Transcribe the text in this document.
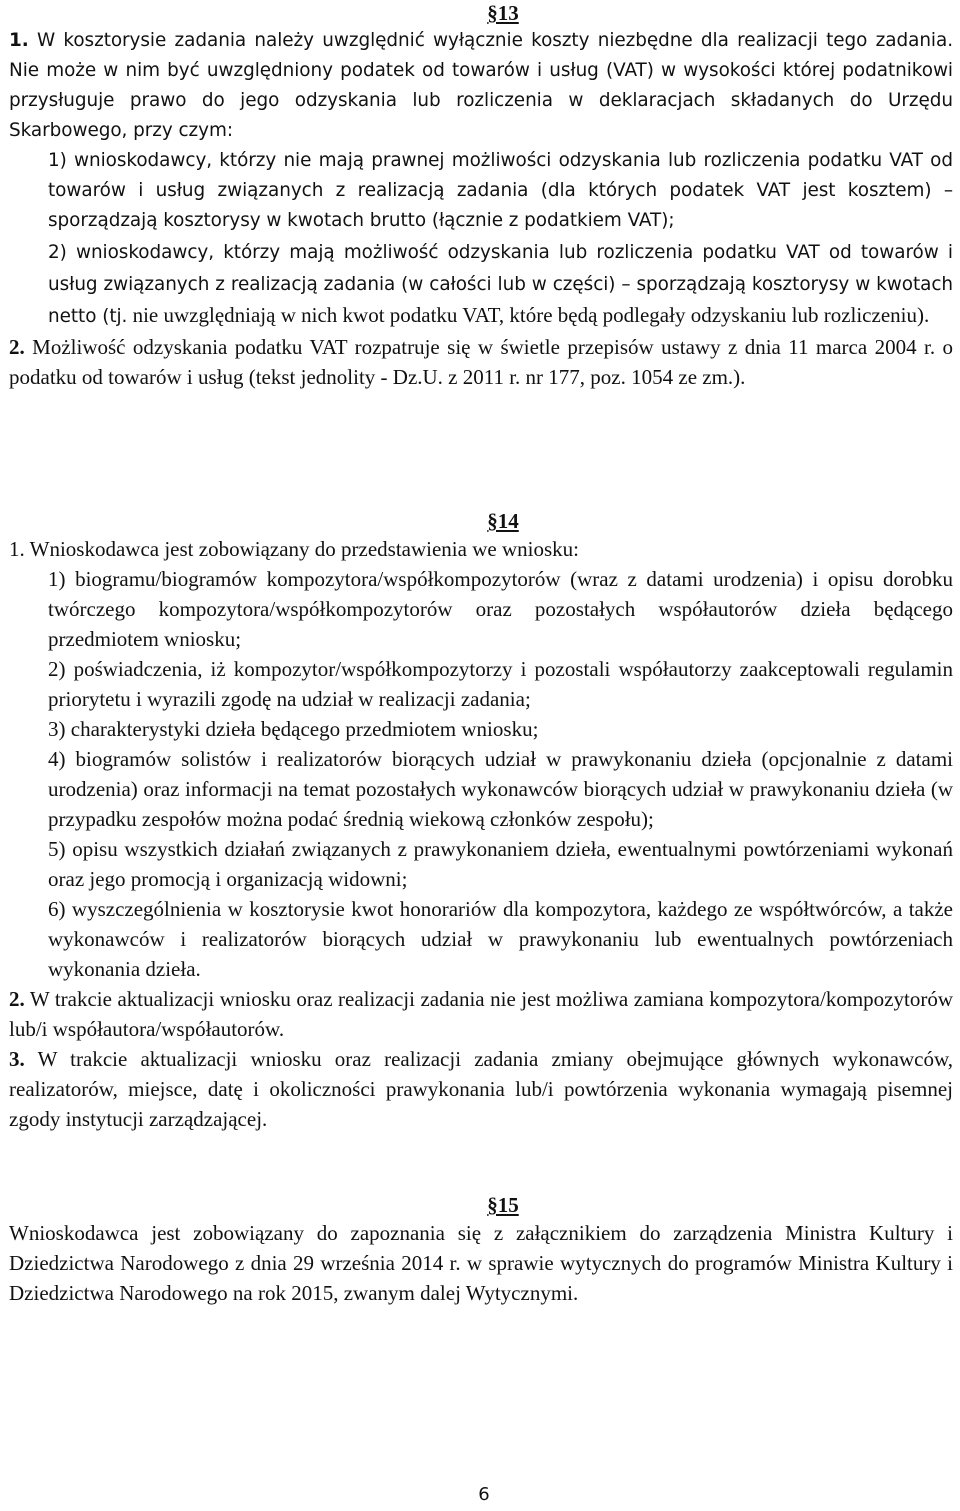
§13

1. W kosztorysie zadania należy uwzględnić wyłącznie koszty niezbędne dla realizacji tego zadania. Nie może w nim być uwzględniony podatek od towarów i usług (VAT) w wysokości której podatnikowi przysługuje prawo do jego odzyskania lub rozliczenia w deklaracjach składanych do Urzędu Skarbowego, przy czym:

1) wnioskodawcy, którzy nie mają prawnej możliwości odzyskania lub rozliczenia podatku VAT od towarów i usług związanych z realizacją zadania (dla których podatek VAT jest kosztem) – sporządzają kosztorysy w kwotach brutto (łącznie z podatkiem VAT);

2) wnioskodawcy, którzy mają możliwość odzyskania lub rozliczenia podatku VAT od towarów i usług związanych z realizacją zadania (w całości lub w części) – sporządzają kosztorysy w kwotach netto (tj. nie uwzględniają w nich kwot podatku VAT, które będą podlegały odzyskaniu lub rozliczeniu).

2. Możliwość odzyskania podatku VAT rozpatruje się w świetle przepisów ustawy z dnia 11 marca 2004 r. o podatku od towarów i usług (tekst jednolity - Dz.U. z 2011 r. nr 177, poz. 1054 ze zm.).

§14

1. Wnioskodawca jest zobowiązany do przedstawienia we wniosku:

1) biogramu/biogramów kompozytora/współkompozytorów (wraz z datami urodzenia) i opisu dorobku twórczego kompozytora/współkompozytorów oraz pozostałych współautorów dzieła będącego przedmiotem wniosku;

2) poświadczenia, iż kompozytor/współkompozytorzy i pozostali współautorzy zaakceptowali regulamin priorytetu i wyrazili zgodę na udział w realizacji zadania;

3) charakterystyki dzieła będącego przedmiotem wniosku;

4) biogramów solistów i realizatorów biorących udział w prawykonaniu dzieła (opcjonalnie z datami urodzenia) oraz informacji na temat pozostałych wykonawców biorących udział w prawykonaniu dzieła (w przypadku zespołów można podać średnią wiekową członków zespołu);

5) opisu wszystkich działań związanych z prawykonaniem dzieła, ewentualnymi powtórzeniami wykonań oraz jego promocją i organizacją widowni;

6) wyszczególnienia w kosztorysie kwot honorariów dla kompozytora, każdego ze współtwórców, a także wykonawców i realizatorów biorących udział w prawykonaniu lub ewentualnych powtórzeniach wykonania dzieła.

2. W trakcie aktualizacji wniosku oraz realizacji zadania nie jest możliwa zamiana kompozytora/kompozytorów lub/i współautora/współautorów.

3. W trakcie aktualizacji wniosku oraz realizacji zadania zmiany obejmujące głównych wykonawców, realizatorów, miejsce, datę i okoliczności prawykonania lub/i powtórzenia wykonania wymagają pisemnej zgody instytucji zarządzającej.

§15

Wnioskodawca jest zobowiązany do zapoznania się z załącznikiem do zarządzenia Ministra Kultury i Dziedzictwa Narodowego z dnia 29 września 2014 r. w sprawie wytycznych do programów Ministra Kultury i Dziedzictwa Narodowego na rok 2015, zwanym dalej Wytycznymi.

6
